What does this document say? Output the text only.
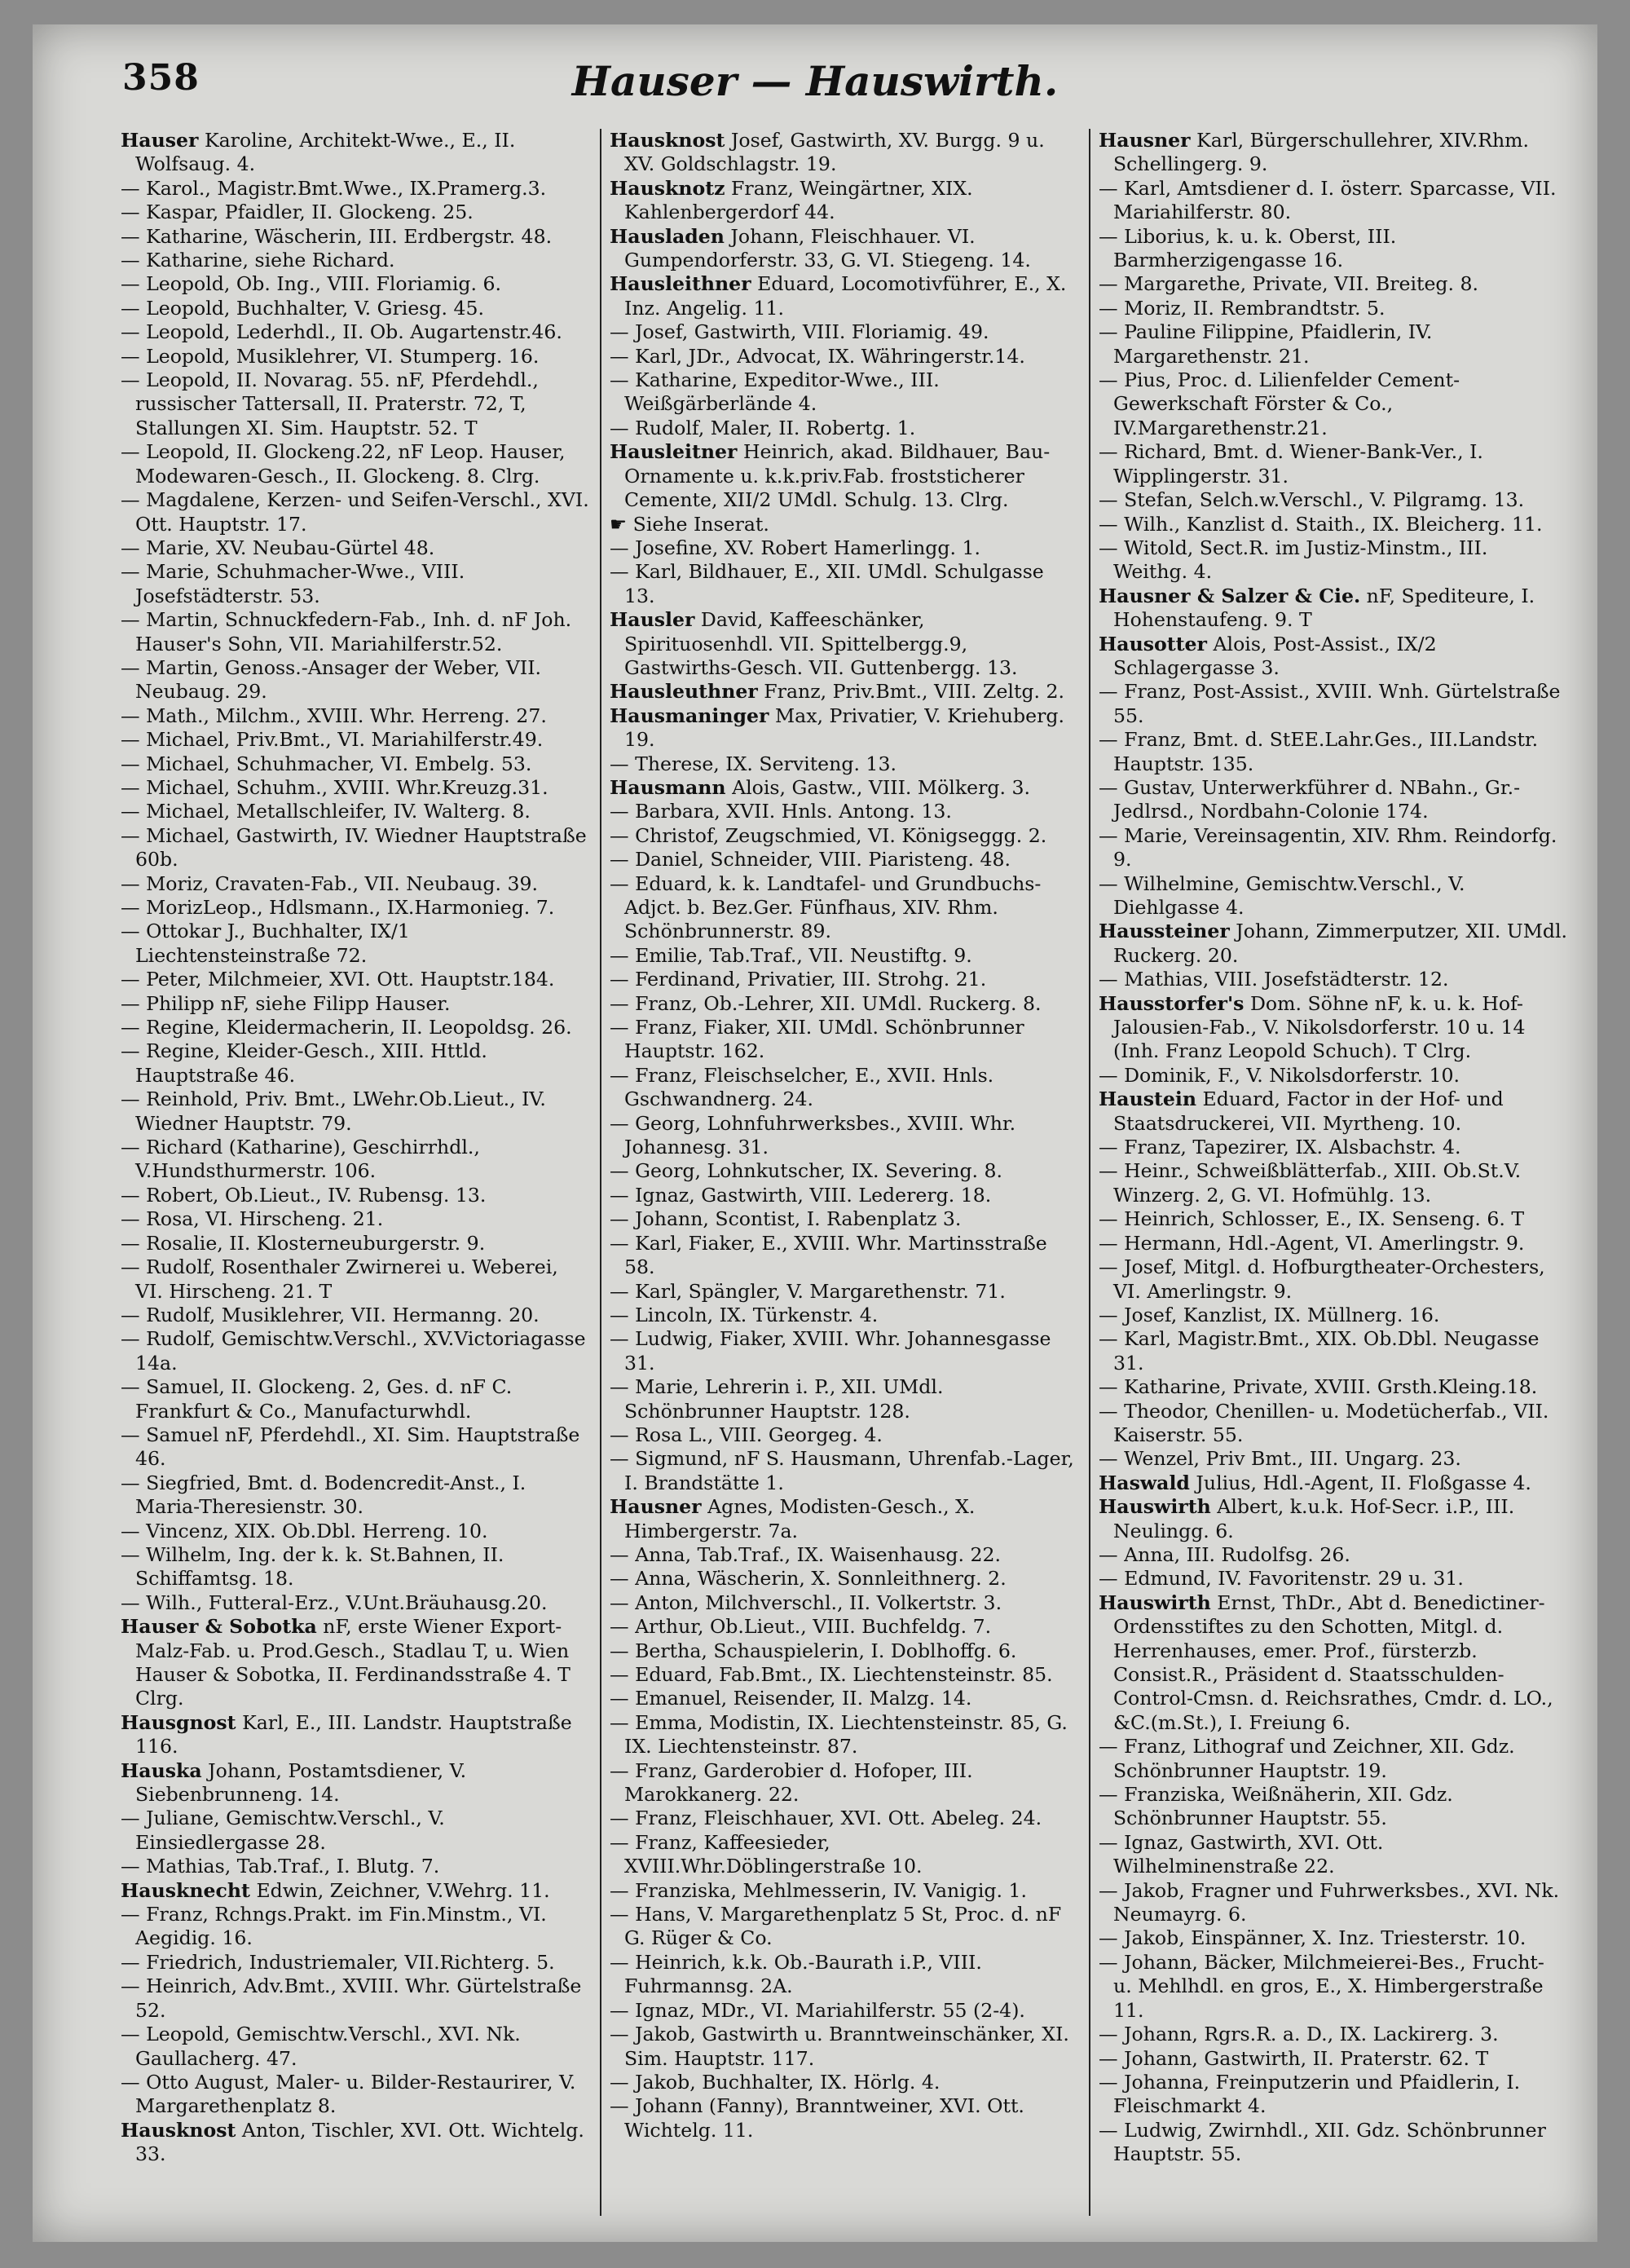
358	Hauser — Hauswirth.
Hauser Karoline, Architekt-Wwe., E., II. Wolfsaug. 4.
— Karol., Magistr.Bmt.Wwe., IX.Pramerg.3.
— Kaspar, Pfaidler, II. Glockeng. 25.
— Katharine, Wäscherin, III. Erdbergstr. 48.
— Katharine, siehe Richard.
— Leopold, Ob. Ing., VIII. Floriamig. 6.
— Leopold, Buchhalter, V. Griesg. 45.
— Leopold, Lederhdl., II. Ob. Augartenstr.46.
— Leopold, Musiklehrer, VI. Stumperg. 16.
— Leopold, II. Novarag. 55. nF, Pferdehdl., russischer Tattersall, II. Praterstr. 72, T, Stallungen XI. Sim. Hauptstr. 52. T
— Leopold, II. Glockeng.22, nF Leop. Hauser, Modewaren-Gesch., II. Glockeng. 8. Clrg.
— Magdalene, Kerzen- und Seifen-Verschl., XVI. Ott. Hauptstr. 17.
— Marie, XV. Neubau-Gürtel 48.
— Marie, Schuhmacher-Wwe., VIII. Josefstädterstr. 53.
— Martin, Schnuckfedern-Fab., Inh. d. nF Joh. Hauser's Sohn, VII. Mariahilferstr.52.
— Martin, Genoss.-Ansager der Weber, VII. Neubaug. 29.
— Math., Milchm., XVIII. Whr. Herreng. 27.
— Michael, Priv.Bmt., VI. Mariahilferstr.49.
— Michael, Schuhmacher, VI. Embelg. 53.
— Michael, Schuhm., XVIII. Whr.Kreuzg.31.
— Michael, Metallschleifer, IV. Walterg. 8.
— Michael, Gastwirth, IV. Wiedner Hauptstraße 60b.
— Moriz, Cravaten-Fab., VII. Neubaug. 39.
— MorizLeop., Hdlsmann., IX.Harmonieg. 7.
— Ottokar J., Buchhalter, IX/1 Liechtensteinstraße 72.
— Peter, Milchmeier, XVI. Ott. Hauptstr.184.
— Philipp nF, siehe Filipp Hauser.
— Regine, Kleidermacherin, II. Leopoldsg. 26.
— Regine, Kleider-Gesch., XIII. Httld. Hauptstraße 46.
— Reinhold, Priv. Bmt., LWehr.Ob.Lieut., IV. Wiedner Hauptstr. 79.
— Richard (Katharine), Geschirrhdl., V.Hundsthurmerstr. 106.
— Robert, Ob.Lieut., IV. Rubensg. 13.
— Rosa, VI. Hirscheng. 21.
— Rosalie, II. Klosterneuburgerstr. 9.
— Rudolf, Rosenthaler Zwirnerei u. Weberei, VI. Hirscheng. 21. T
— Rudolf, Musiklehrer, VII. Hermanng. 20.
— Rudolf, Gemischtw.Verschl., XV.Victoriagasse 14a.
— Samuel, II. Glockeng. 2, Ges. d. nF C. Frankfurt & Co., Manufacturwhdl.
— Samuel nF, Pferdehdl., XI. Sim. Hauptstraße 46.
— Siegfried, Bmt. d. Bodencredit-Anst., I. Maria-Theresienstr. 30.
— Vincenz, XIX. Ob.Dbl. Herreng. 10.
— Wilhelm, Ing. der k. k. St.Bahnen, II. Schiffamtsg. 18.
— Wilh., Futteral-Erz., V.Unt.Bräuhausg.20.
Hauser & Sobotka nF, erste Wiener Export-Malz-Fab. u. Prod.Gesch., Stadlau T, u. Wien Hauser & Sobotka, II. Ferdinandsstraße 4. T Clrg.
Hausgnost Karl, E., III. Landstr. Hauptstraße 116.
Hauska Johann, Postamtsdiener, V. Siebenbrunneng. 14.
— Juliane, Gemischtw.Verschl., V. Einsiedlergasse 28.
— Mathias, Tab.Traf., I. Blutg. 7.
Hausknecht Edwin, Zeichner, V.Wehrg. 11.
— Franz, Rchngs.Prakt. im Fin.Minstm., VI. Aegidig. 16.
— Friedrich, Industriemaler, VII.Richterg. 5.
— Heinrich, Adv.Bmt., XVIII. Whr. Gürtelstraße 52.
— Leopold, Gemischtw.Verschl., XVI. Nk. Gaullacherg. 47.
— Otto August, Maler- u. Bilder-Restaurirer, V. Margarethenplatz 8.
Hausknost Anton, Tischler, XVI. Ott. Wichtelg. 33.
Hausknost Josef, Gastwirth, XV. Burgg. 9 u. XV. Goldschlagstr. 19.
Hausknotz Franz, Weingärtner, XIX. Kahlenbergerdorf 44.
Hausladen Johann, Fleischhauer. VI. Gumpendorferstr. 33, G. VI. Stiegeng. 14.
Hausleithner Eduard, Locomotivführer, E., X. Inz. Angelig. 11.
— Josef, Gastwirth, VIII. Floriamig. 49.
— Karl, JDr., Advocat, IX. Währingerstr.14.
— Katharine, Expeditor-Wwe., III. Weißgärberlände 4.
— Rudolf, Maler, II. Robertg. 1.
Hausleitner Heinrich, akad. Bildhauer, Bau-Ornamente u. k.k.priv.Fab. froststicherer Cemente, XII/2 UMdl. Schulg. 13. Clrg.
☛ Siehe Inserat.
— Josefine, XV. Robert Hamerlingg. 1.
— Karl, Bildhauer, E., XII. UMdl. Schulgasse 13.
Hausler David, Kaffeeschänker, Spirituosenhdl. VII. Spittelbergg.9, Gastwirths-Gesch. VII. Guttenbergg. 13.
Hausleuthner Franz, Priv.Bmt., VIII. Zeltg. 2.
Hausmaninger Max, Privatier, V. Kriehuberg. 19.
— Therese, IX. Serviteng. 13.
Hausmann Alois, Gastw., VIII. Mölkerg. 3.
— Barbara, XVII. Hnls. Antong. 13.
— Christof, Zeugschmied, VI. Königseggg. 2.
— Daniel, Schneider, VIII. Piaristeng. 48.
— Eduard, k. k. Landtafel- und Grundbuchs-Adjct. b. Bez.Ger. Fünfhaus, XIV. Rhm. Schönbrunnerstr. 89.
— Emilie, Tab.Traf., VII. Neustiftg. 9.
— Ferdinand, Privatier, III. Strohg. 21.
— Franz, Ob.-Lehrer, XII. UMdl. Ruckerg. 8.
— Franz, Fiaker, XII. UMdl. Schönbrunner Hauptstr. 162.
— Franz, Fleischselcher, E., XVII. Hnls. Gschwandnerg. 24.
— Georg, Lohnfuhrwerksbes., XVIII. Whr. Johannesg. 31.
— Georg, Lohnkutscher, IX. Severing. 8.
— Ignaz, Gastwirth, VIII. Ledererg. 18.
— Johann, Scontist, I. Rabenplatz 3.
— Karl, Fiaker, E., XVIII. Whr. Martinsstraße 58.
— Karl, Spängler, V. Margarethenstr. 71.
— Lincoln, IX. Türkenstr. 4.
— Ludwig, Fiaker, XVIII. Whr. Johannesgasse 31.
— Marie, Lehrerin i. P., XII. UMdl. Schönbrunner Hauptstr. 128.
— Rosa L., VIII. Georgeg. 4.
— Sigmund, nF S. Hausmann, Uhrenfab.-Lager, I. Brandstätte 1.
Hausner Agnes, Modisten-Gesch., X. Himbergerstr. 7a.
— Anna, Tab.Traf., IX. Waisenhausg. 22.
— Anna, Wäscherin, X. Sonnleithnerg. 2.
— Anton, Milchverschl., II. Volkertstr. 3.
— Arthur, Ob.Lieut., VIII. Buchfeldg. 7.
— Bertha, Schauspielerin, I. Doblhoffg. 6.
— Eduard, Fab.Bmt., IX. Liechtensteinstr. 85.
— Emanuel, Reisender, II. Malzg. 14.
— Emma, Modistin, IX. Liechtensteinstr. 85, G. IX. Liechtensteinstr. 87.
— Franz, Garderobier d. Hofoper, III. Marokkanerg. 22.
— Franz, Fleischhauer, XVI. Ott. Abeleg. 24.
— Franz, Kaffeesieder, XVIII.Whr.Döblingerstraße 10.
— Franziska, Mehlmesserin, IV. Vanigig. 1.
— Hans, V. Margarethenplatz 5 St, Proc. d. nF G. Rüger & Co.
— Heinrich, k.k. Ob.-Baurath i.P., VIII. Fuhrmannsg. 2A.
— Ignaz, MDr., VI. Mariahilferstr. 55 (2-4).
— Jakob, Gastwirth u. Branntweinschänker, XI. Sim. Hauptstr. 117.
— Jakob, Buchhalter, IX. Hörlg. 4.
— Johann (Fanny), Branntweiner, XVI. Ott. Wichtelg. 11.
Hausner Karl, Bürgerschullehrer, XIV.Rhm. Schellingerg. 9.
— Karl, Amtsdiener d. I. österr. Sparcasse, VII. Mariahilferstr. 80.
— Liborius, k. u. k. Oberst, III. Barmherzigengasse 16.
— Margarethe, Private, VII. Breiteg. 8.
— Moriz, II. Rembrandtstr. 5.
— Pauline Filippine, Pfaidlerin, IV. Margarethenstr. 21.
— Pius, Proc. d. Lilienfelder Cement-Gewerkschaft Förster & Co., IV.Margarethenstr.21.
— Richard, Bmt. d. Wiener-Bank-Ver., I. Wipplingerstr. 31.
— Stefan, Selch.w.Verschl., V. Pilgramg. 13.
— Wilh., Kanzlist d. Staith., IX. Bleicherg. 11.
— Witold, Sect.R. im Justiz-Minstm., III. Weithg. 4.
Hausner & Salzer & Cie. nF, Spediteure, I. Hohenstaufeng. 9. T
Hausotter Alois, Post-Assist., IX/2 Schlagergasse 3.
— Franz, Post-Assist., XVIII. Wnh. Gürtelstraße 55.
— Franz, Bmt. d. StEE.Lahr.Ges., III.Landstr. Hauptstr. 135.
— Gustav, Unterwerkführer d. NBahn., Gr.-Jedlrsd., Nordbahn-Colonie 174.
— Marie, Vereinsagentin, XIV. Rhm. Reindorfg. 9.
— Wilhelmine, Gemischtw.Verschl., V. Diehlgasse 4.
Haussteiner Johann, Zimmerputzer, XII. UMdl. Ruckerg. 20.
— Mathias, VIII. Josefstädterstr. 12.
Hausstorfer's Dom. Söhne nF, k. u. k. Hof-Jalousien-Fab., V. Nikolsdorferstr. 10 u. 14 (Inh. Franz Leopold Schuch). T Clrg.
— Dominik, F., V. Nikolsdorferstr. 10.
Haustein Eduard, Factor in der Hof- und Staatsdruckerei, VII. Myrtheng. 10.
— Franz, Tapezirer, IX. Alsbachstr. 4.
— Heinr., Schweißblätterfab., XIII. Ob.St.V. Winzerg. 2, G. VI. Hofmühlg. 13.
— Heinrich, Schlosser, E., IX. Senseng. 6. T
— Hermann, Hdl.-Agent, VI. Amerlingstr. 9.
— Josef, Mitgl. d. Hofburgtheater-Orchesters, VI. Amerlingstr. 9.
— Josef, Kanzlist, IX. Müllnerg. 16.
— Karl, Magistr.Bmt., XIX. Ob.Dbl. Neugasse 31.
— Katharine, Private, XVIII. Grsth.Kleing.18.
— Theodor, Chenillen- u. Modetücherfab., VII. Kaiserstr. 55.
— Wenzel, Priv Bmt., III. Ungarg. 23.
Haswald Julius, Hdl.-Agent, II. Floßgasse 4.
Hauswirth Albert, k.u.k. Hof-Secr. i.P., III. Neulingg. 6.
— Anna, III. Rudolfsg. 26.
— Edmund, IV. Favoritenstr. 29 u. 31.
Hauswirth Ernst, ThDr., Abt d. Benedictiner-Ordensstiftes zu den Schotten, Mitgl. d. Herrenhauses, emer. Prof., fürsterzb. Consist.R., Präsident d. Staatsschulden-Control-Cmsn. d. Reichsrathes, Cmdr. d. LO., &C.(m.St.), I. Freiung 6.
— Franz, Lithograf und Zeichner, XII. Gdz. Schönbrunner Hauptstr. 19.
— Franziska, Weißnäherin, XII. Gdz. Schönbrunner Hauptstr. 55.
— Ignaz, Gastwirth, XVI. Ott. Wilhelminenstraße 22.
— Jakob, Fragner und Fuhrwerksbes., XVI. Nk. Neumayrg. 6.
— Jakob, Einspänner, X. Inz. Triesterstr. 10.
— Johann, Bäcker, Milchmeierei-Bes., Frucht- u. Mehlhdl. en gros, E., X. Himbergerstraße 11.
— Johann, Rgrs.R. a. D., IX. Lackirerg. 3.
— Johann, Gastwirth, II. Praterstr. 62. T
— Johanna, Freinputzerin und Pfaidlerin, I. Fleischmarkt 4.
— Ludwig, Zwirnhdl., XII. Gdz. Schönbrunner Hauptstr. 55.
